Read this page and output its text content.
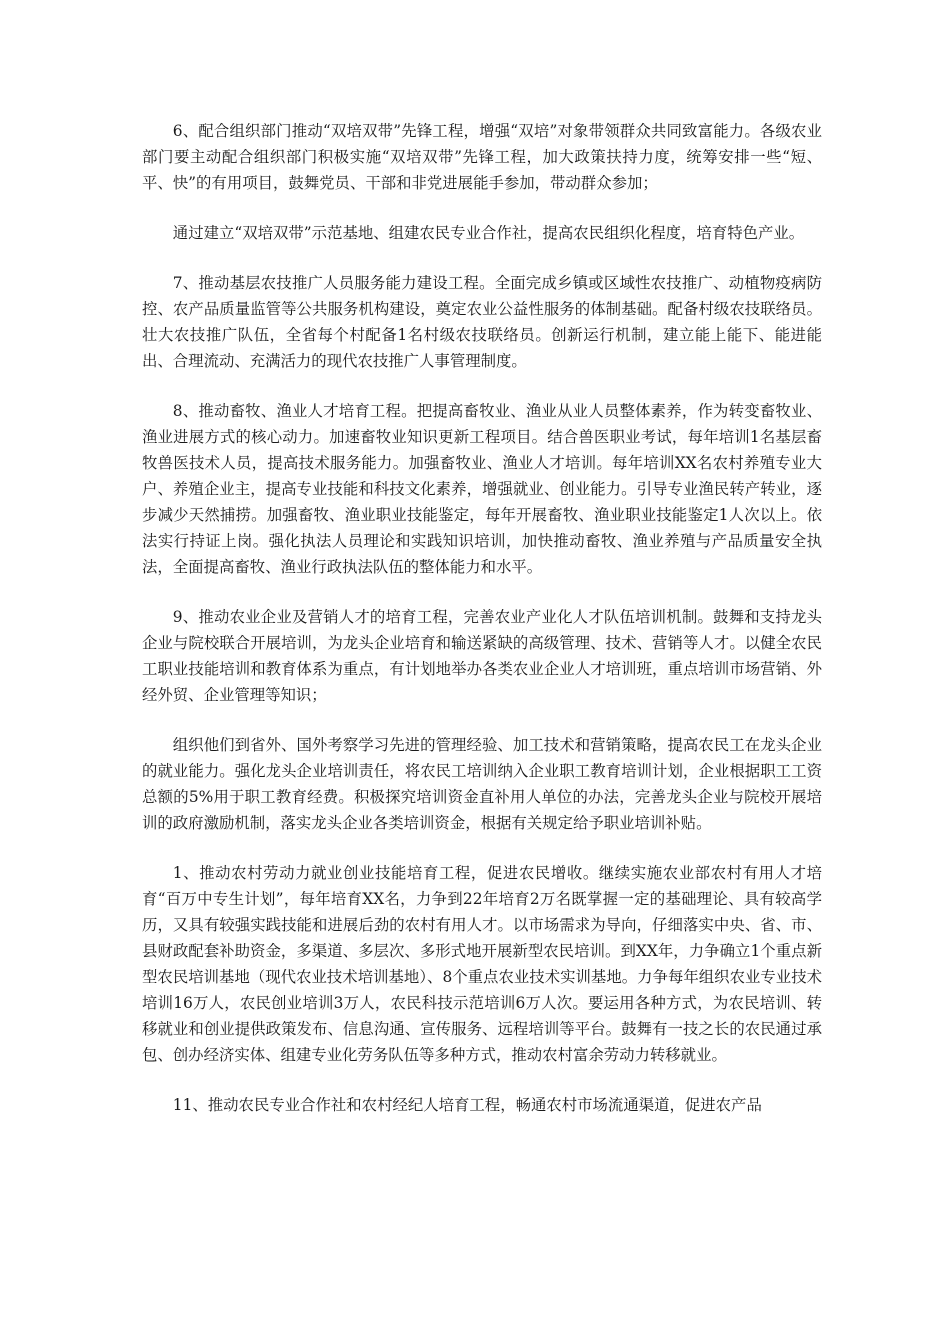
6、配合组织部门推动“双培双带”先锋工程，增强“双培”对象带领群众共同致富能力。各级农业部门要主动配合组织部门积极实施“双培双带”先锋工程，加大政策扶持力度，统筹安排一些“短、平、快”的有用项目，鼓舞党员、干部和非党进展能手参加，带动群众参加；

通过建立“双培双带”示范基地、组建农民专业合作社，提高农民组织化程度，培育特色产业。

7、推动基层农技推广人员服务能力建设工程。全面完成乡镇或区域性农技推广、动植物疫病防控、农产品质量监管等公共服务机构建设，奠定农业公益性服务的体制基础。配备村级农技联络员。壮大农技推广队伍，全省每个村配备1名村级农技联络员。创新运行机制，建立能上能下、能进能出、合理流动、充满活力的现代农技推广人事管理制度。

8、推动畜牧、渔业人才培育工程。把提高畜牧业、渔业从业人员整体素养，作为转变畜牧业、渔业进展方式的核心动力。加速畜牧业知识更新工程项目。结合兽医职业考试，每年培训1名基层畜牧兽医技术人员，提高技术服务能力。加强畜牧业、渔业人才培训。每年培训XX名农村养殖专业大户、养殖企业主，提高专业技能和科技文化素养，增强就业、创业能力。引导专业渔民转产转业，逐步减少天然捕捞。加强畜牧、渔业职业技能鉴定，每年开展畜牧、渔业职业技能鉴定1人次以上。依法实行持证上岗。强化执法人员理论和实践知识培训，加快推动畜牧、渔业养殖与产品质量安全执法，全面提高畜牧、渔业行政执法队伍的整体能力和水平。

9、推动农业企业及营销人才的培育工程，完善农业产业化人才队伍培训机制。鼓舞和支持龙头企业与院校联合开展培训，为龙头企业培育和输送紧缺的高级管理、技术、营销等人才。以健全农民工职业技能培训和教育体系为重点，有计划地举办各类农业企业人才培训班，重点培训市场营销、外经外贸、企业管理等知识；

组织他们到省外、国外考察学习先进的管理经验、加工技术和营销策略，提高农民工在龙头企业的就业能力。强化龙头企业培训责任，将农民工培训纳入企业职工教育培训计划，企业根据职工工资总额的5%用于职工教育经费。积极探究培训资金直补用人单位的办法，完善龙头企业与院校开展培训的政府激励机制，落实龙头企业各类培训资金，根据有关规定给予职业培训补贴。

1、推动农村劳动力就业创业技能培育工程，促进农民增收。继续实施农业部农村有用人才培育“百万中专生计划”，每年培育XX名，力争到22年培育2万名既掌握一定的基础理论、具有较高学历，又具有较强实践技能和进展后劲的农村有用人才。以市场需求为导向，仔细落实中央、省、市、县财政配套补助资金，多渠道、多层次、多形式地开展新型农民培训。到XX年，力争确立1个重点新型农民培训基地（现代农业技术培训基地）、8个重点农业技术实训基地。力争每年组织农业专业技术培训16万人，农民创业培训3万人，农民科技示范培训6万人次。要运用各种方式，为农民培训、转移就业和创业提供政策发布、信息沟通、宣传服务、远程培训等平台。鼓舞有一技之长的农民通过承包、创办经济实体、组建专业化劳务队伍等多种方式，推动农村富余劳动力转移就业。

11、推动农民专业合作社和农村经纪人培育工程，畅通农村市场流通渠道，促进农产品
